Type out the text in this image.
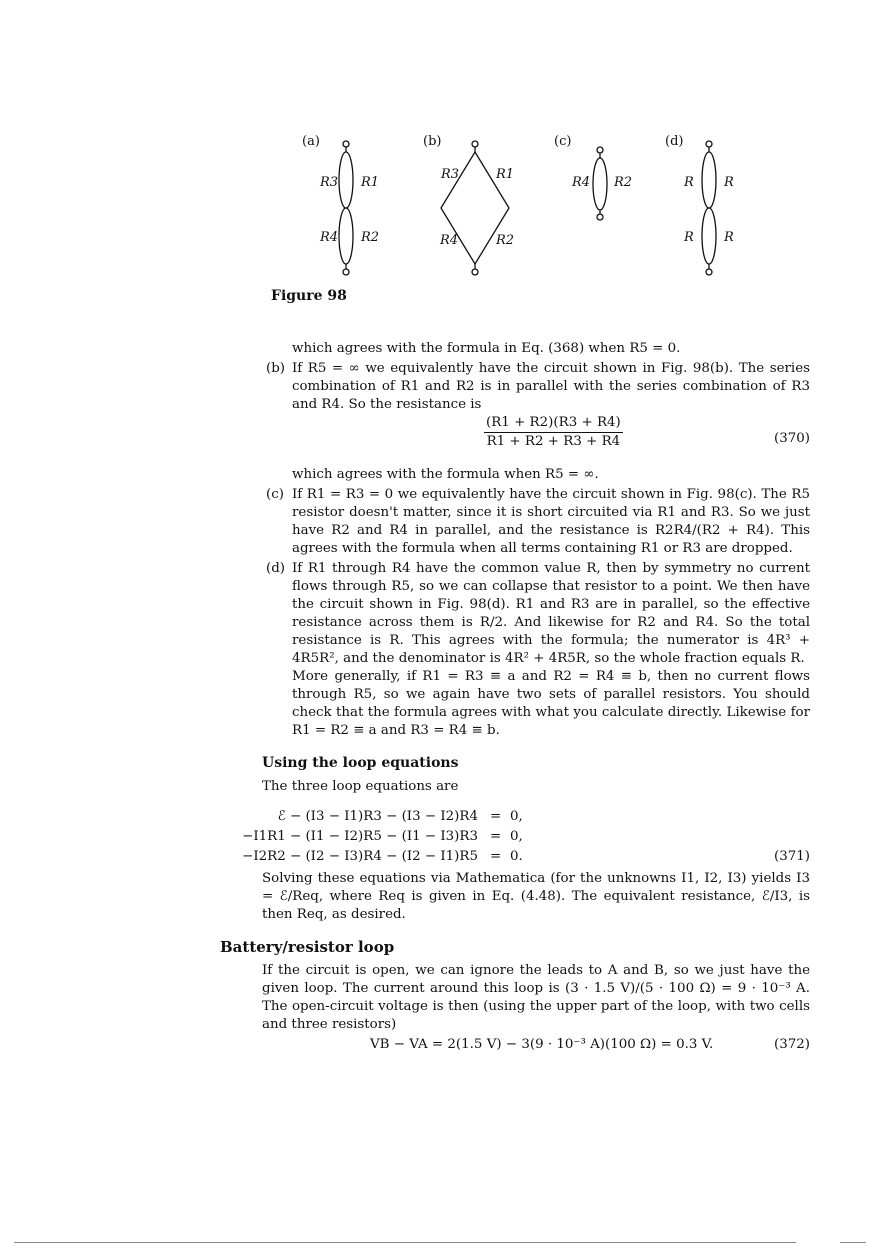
(a)	(b)	(c)	(d)
R3 R1
R4 R2
R3	R1
R4	R2
R4 R2	R R
R R
Figure 98

which agrees with the formula in Eq. (368) when R5 = 0.

(b) If R5 = ∞ we equivalently have the circuit shown in Fig. 98(b). The series combination of R1 and R2 is in parallel with the series combination of R3 and R4. So the resistance is
$\frac{(R1 + R2)(R3 + R4)}{R1 + R2 + R3 + R4}$	(370)

which agrees with the formula when R5 = ∞.

(c) If R1 = R3 = 0 we equivalently have the circuit shown in Fig. 98(c). The R5 resistor doesn't matter, since it is short circuited via R1 and R3. So we just have R2 and R4 in parallel, and the resistance is R2R4/(R2 + R4). This agrees with the formula when all terms containing R1 or R3 are dropped.
(d) If R1 through R4 have the common value R, then by symmetry no current flows through R5, so we can collapse that resistor to a point. We then have the circuit shown in Fig. 98(d). R1 and R3 are in parallel, so the effective resistance across them is R/2. And likewise for R2 and R4. So the total resistance is R. This agrees with the formula; the numerator is 4R³ + 4R5R², and the denominator is 4R² + 4R5R, so the whole fraction equals R.

More generally, if R1 = R3 ≡ a and R2 = R4 ≡ b, then no current flows through R5, so we again have two sets of parallel resistors. You should check that the formula agrees with what you calculate directly. Likewise for R1 = R2 ≡ a and R3 = R4 ≡ b.

Using the loop equations

The three loop equations are

ℰ − (I3 − I1)R3 − (I3 − I2)R4 = 0,
−I1R1 − (I1 − I2)R5 − (I1 − I3)R3 = 0,
−I2R2 − (I2 − I3)R4 − (I2 − I1)R5 = 0.	(371)

Solving these equations via Mathematica (for the unknowns I1, I2, I3) yields I3 = ℰ/Req, where Req is given in Eq. (4.48). The equivalent resistance, ℰ/I3, is then Req, as desired.

Battery/resistor loop

If the circuit is open, we can ignore the leads to A and B, so we just have the given loop. The current around this loop is (3 · 1.5 V)/(5 · 100 Ω) = 9 · 10⁻³ A. The open-circuit voltage is then (using the upper part of the loop, with two cells and three resistors)

VB − VA = 2(1.5 V) − 3(9 · 10⁻³ A)(100 Ω) = 0.3 V.	(372)
